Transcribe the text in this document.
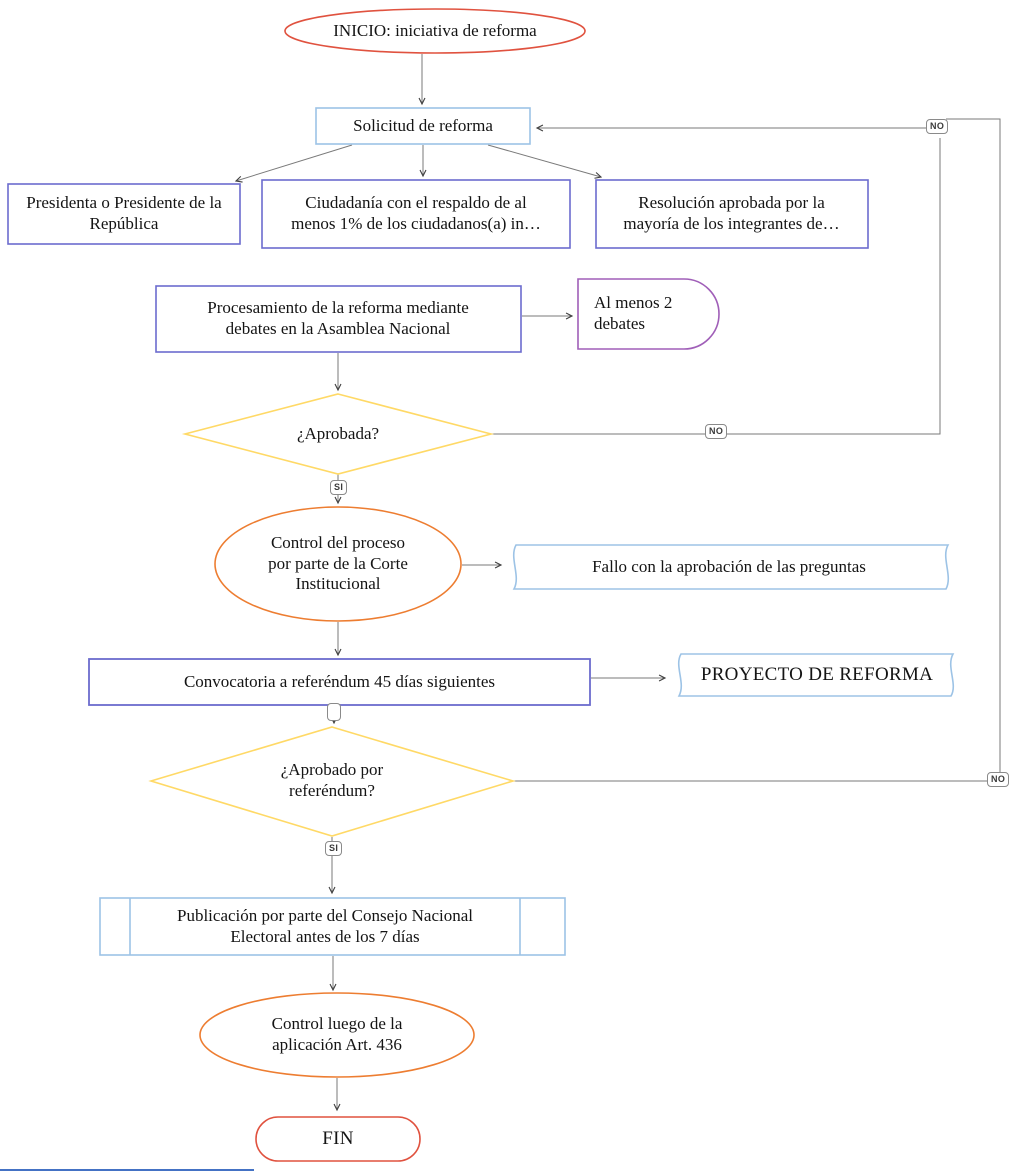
INICIO: iniciativa de reforma
Solicitud de reforma
Presidenta o Presidente de la República
Ciudadanía con el respaldo de al menos 1% de los ciudadanos(a) in…
Resolución aprobada por la mayoría de los integrantes de…
Procesamiento de la reforma mediante debates en la Asamblea Nacional
Al menos 2 debates
¿Aprobada?
Control del proceso por parte de la Corte Institucional
Fallo con la aprobación de las preguntas
Convocatoria a referéndum 45 días siguientes	PROYECTO DE REFORMA
¿Aprobado por referéndum?
Publicación por parte del Consejo Nacional Electoral antes de los 7 días
Control luego de la aplicación Art. 436
FIN
NO
NO
SI
NO
SI
